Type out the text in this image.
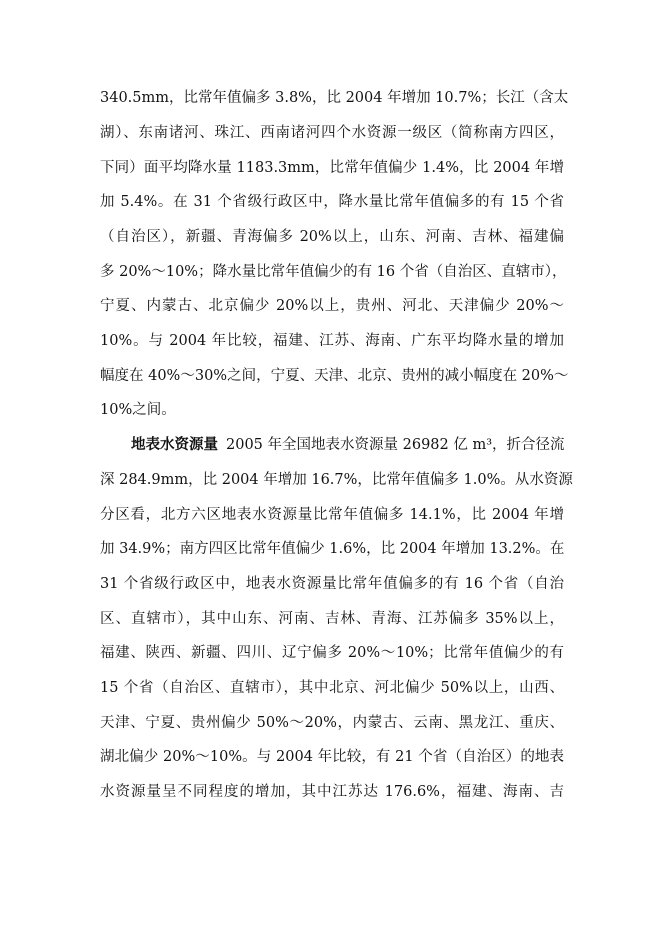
340.5mm，比常年值偏多 3.8%，比 2004 年增加 10.7%；长江（含太
湖）、东南诸河、珠江、西南诸河四个水资源一级区（简称南方四区，
下同）面平均降水量 1183.3mm，比常年值偏少 1.4%，比 2004 年增
加 5.4%。在 31 个省级行政区中，降水量比常年值偏多的有 15 个省
（自治区），新疆、青海偏多 20%以上，山东、河南、吉林、福建偏
多 20%～10%；降水量比常年值偏少的有 16 个省（自治区、直辖市），
宁夏、内蒙古、北京偏少 20%以上，贵州、河北、天津偏少 20%～
10%。与 2004 年比较，福建、江苏、海南、广东平均降水量的增加
幅度在 40%～30%之间，宁夏、天津、北京、贵州的减小幅度在 20%～
10%之间。
地表水资源量 2005 年全国地表水资源量 26982 亿 m³，折合径流
深 284.9mm，比 2004 年增加 16.7%，比常年值偏多 1.0%。从水资源
分区看，北方六区地表水资源量比常年值偏多 14.1%，比 2004 年增
加 34.9%；南方四区比常年值偏少 1.6%，比 2004 年增加 13.2%。在
31 个省级行政区中，地表水资源量比常年值偏多的有 16 个省（自治
区、直辖市），其中山东、河南、吉林、青海、江苏偏多 35%以上，
福建、陕西、新疆、四川、辽宁偏多 20%～10%；比常年值偏少的有
15 个省（自治区、直辖市），其中北京、河北偏少 50%以上，山西、
天津、宁夏、贵州偏少 50%～20%，内蒙古、云南、黑龙江、重庆、
湖北偏少 20%～10%。与 2004 年比较，有 21 个省（自治区）的地表
水资源量呈不同程度的增加，其中江苏达 176.6%，福建、海南、吉
